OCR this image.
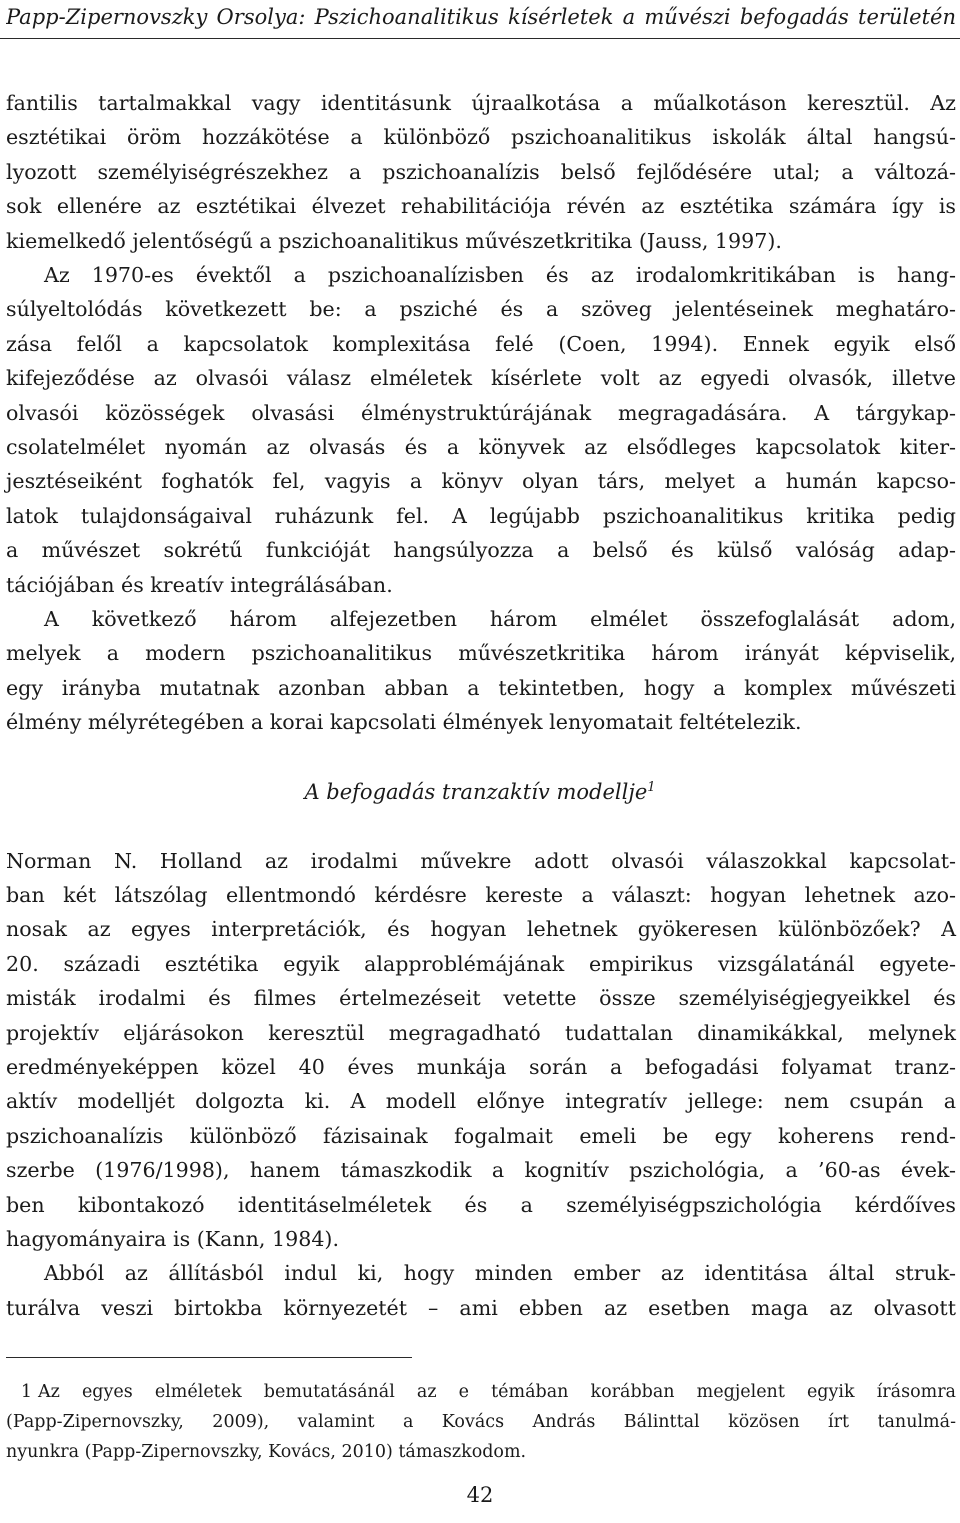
Papp-Zipernovszky Orsolya: Pszichoanalitikus kísérletek a művészi befogadás területén
fantilis tartalmakkal vagy identitásunk újraalkotása a műalkotáson keresztül. Az
esztétikai öröm hozzákötése a különböző pszichoanalitikus iskolák által hangsú-
lyozott személyiségrészekhez a pszichoanalízis belső fejlődésére utal; a változá-
sok ellenére az esztétikai élvezet rehabilitációja révén az esztétika számára így is
kiemelkedő jelentőségű a pszichoanalitikus művészetkritika (Jauss, 1997).
Az 1970-es évektől a pszichoanalízisben és az irodalomkritikában is hang-
súlyeltolódás következett be: a psziché és a szöveg jelentéseinek meghatáro-
zása felől a kapcsolatok komplexitása felé (Coen, 1994). Ennek egyik első
kifejeződése az olvasói válasz elméletek kísérlete volt az egyedi olvasók, illetve
olvasói közösségek olvasási élménystruktúrájának megragadására. A tárgykap-
csolatelmélet nyomán az olvasás és a könyvek az elsődleges kapcsolatok kiter-
jesztéseiként foghatók fel, vagyis a könyv olyan társ, melyet a humán kapcso-
latok tulajdonságaival ruházunk fel. A legújabb pszichoanalitikus kritika pedig
a művészet sokrétű funkcióját hangsúlyozza a belső és külső valóság adap-
tációjában és kreatív integrálásában.
A következő három alfejezetben három elmélet összefoglalását adom,
melyek a modern pszichoanalitikus művészetkritika három irányát képviselik,
egy irányba mutatnak azonban abban a tekintetben, hogy a komplex művészeti
élmény mélyrétegében a korai kapcsolati élmények lenyomatait feltételezik.
A befogadás tranzaktív modellje$^1$
Norman N. Holland az irodalmi művekre adott olvasói válaszokkal kapcsolat-
ban két látszólag ellentmondó kérdésre kereste a választ: hogyan lehetnek azo-
nosak az egyes interpretációk, és hogyan lehetnek gyökeresen különbözőek? A
20. századi esztétika egyik alapproblémájának empirikus vizsgálatánál egyete-
misták irodalmi és filmes értelmezéseit vetette össze személyiségjegyeikkel és
projektív eljárásokon keresztül megragadható tudattalan dinamikákkal, melynek
eredményeképpen közel 40 éves munkája során a befogadási folyamat tranz-
aktív modelljét dolgozta ki. A modell előnye integratív jellege: nem csupán a
pszichoanalízis különböző fázisainak fogalmait emeli be egy koherens rend-
szerbe (1976/1998), hanem támaszkodik a kognitív pszichológia, a ’60-as évek-
ben kibontakozó identitáselméletek és a személyiségpszichológia kérdőíves
hagyományaira is (Kann, 1984).
Abból az állításból indul ki, hogy minden ember az identitása által struk-
turálva veszi birtokba környezetét – ami ebben az esetben maga az olvasott
1 Az egyes elméletek bemutatásánál az e témában korábban megjelent egyik írásomra
(Papp-Zipernovszky, 2009), valamint a Kovács András Bálinttal közösen írt tanulmá-
nyunkra (Papp-Zipernovszky, Kovács, 2010) támaszkodom.
42
